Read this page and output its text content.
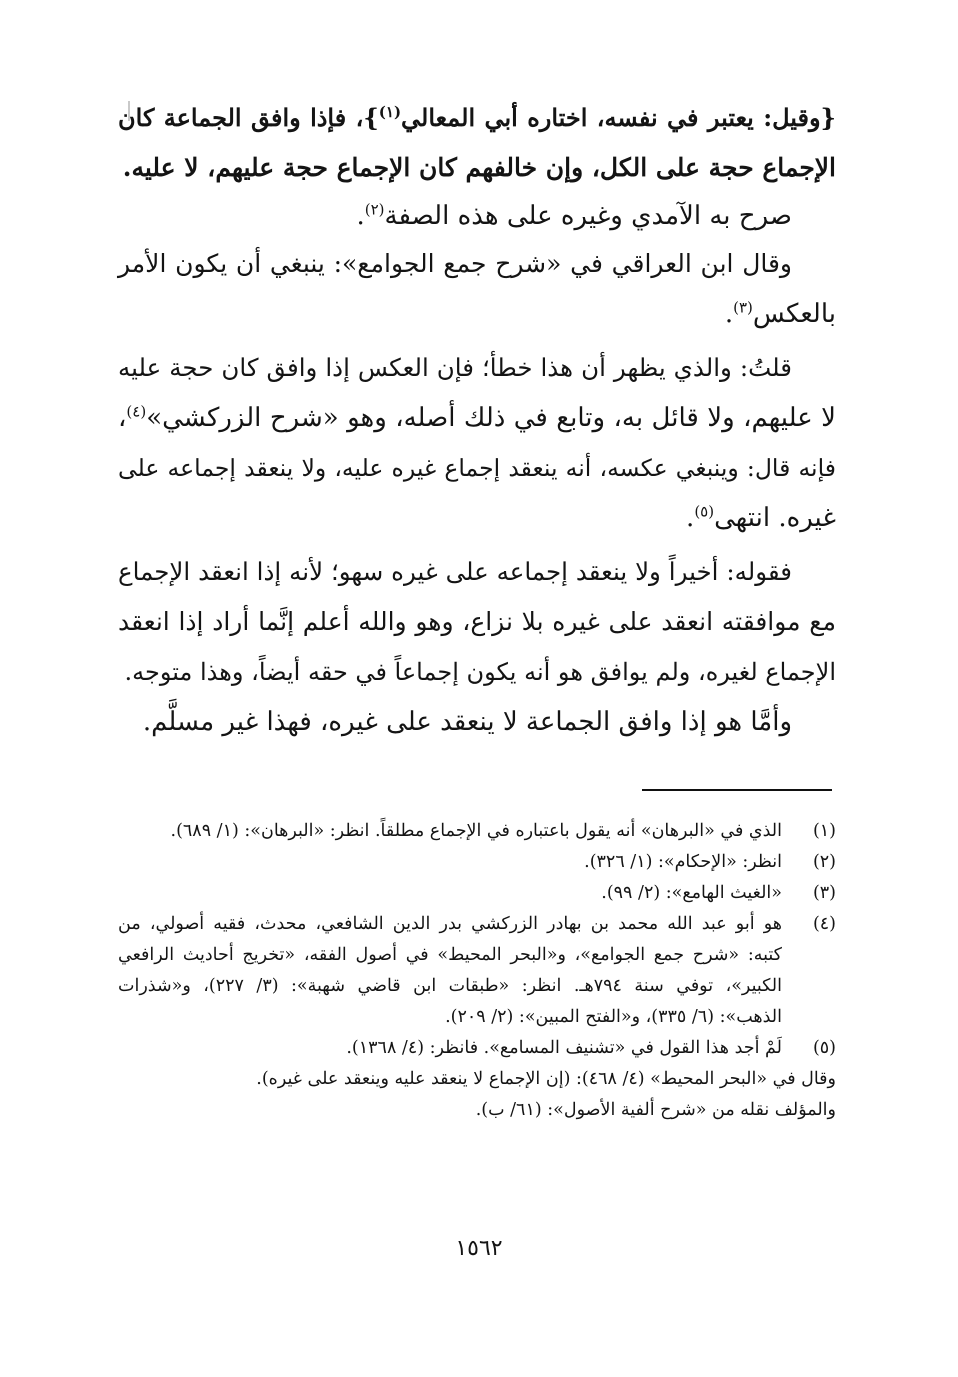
{وقيل: يعتبر في نفسه، اختاره أبي المعالي$^{(١)}$}، فإذا وافق الجماعة كان
الإجماع حجة على الكل، وإن خالفهم كان الإجماع حجة عليهم، لا عليه.
صرح به الآمدي وغيره على هذه الصفة$^{(٢)}$.
وقال ابن العراقي في «شرح جمع الجوامع»: ينبغي أن يكون الأمر
بالعكس$^{(٣)}$.
قلتُ: والذي يظهر أن هذا خطأ؛ فإن العكس إذا وافق كان حجة عليه
لا عليهم، ولا قائل به، وتابع في ذلك أصله، وهو «شرح الزركشي»$^{(٤)}$،
فإنه قال: وينبغي عكسه، أنه ينعقد إجماع غيره عليه، ولا ينعقد إجماعه على
غيره. انتهى$^{(٥)}$.
فقوله: أخيراً ولا ينعقد إجماعه على غيره سهو؛ لأنه إذا انعقد الإجماع
مع موافقته انعقد على غيره بلا نزاع، وهو والله أعلم إنَّما أراد إذا انعقد
الإجماع لغيره، ولم يوافق هو أنه يكون إجماعاً في حقه أيضاً، وهذا متوجه.
وأمَّا هو إذا وافق الجماعة لا ينعقد على غيره، فهذا غير مسلَّم.
(١)
الذي في «البرهان» أنه يقول باعتباره في الإجماع مطلقاً. انظر: «البرهان»: (١/ ٦٨٩).
(٢)
انظر: «الإحكام»: (١/ ٣٢٦).
(٣)
«الغيث الهامع»: (٢/ ٩٩).
(٤)
هو أبو عبد الله محمد بن بهادر الزركشي بدر الدين الشافعي، محدث، فقيه أصولي، من
كتبه: «شرح جمع الجوامع»، و«البحر المحيط» في أصول الفقه، «تخريج أحاديث الرافعي
الكبير»، توفي سنة ٧٩٤هـ. انظر: «طبقات ابن قاضي شهبة»: (٣/ ٢٢٧)، و«شذرات
الذهب»: (٦/ ٣٣٥)، و«الفتح المبين»: (٢/ ٢٠٩).
(٥)
لَمْ أجد هذا القول في «تشنيف المسامع». فانظر: (٤/ ١٣٦٨).
وقال في «البحر المحيط» (٤/ ٤٦٨): (إن الإجماع لا ينعقد عليه وينعقد على غيره).
والمؤلف نقله من «شرح ألفية الأصول»: (٦١/ ب).
١٥٦٢
